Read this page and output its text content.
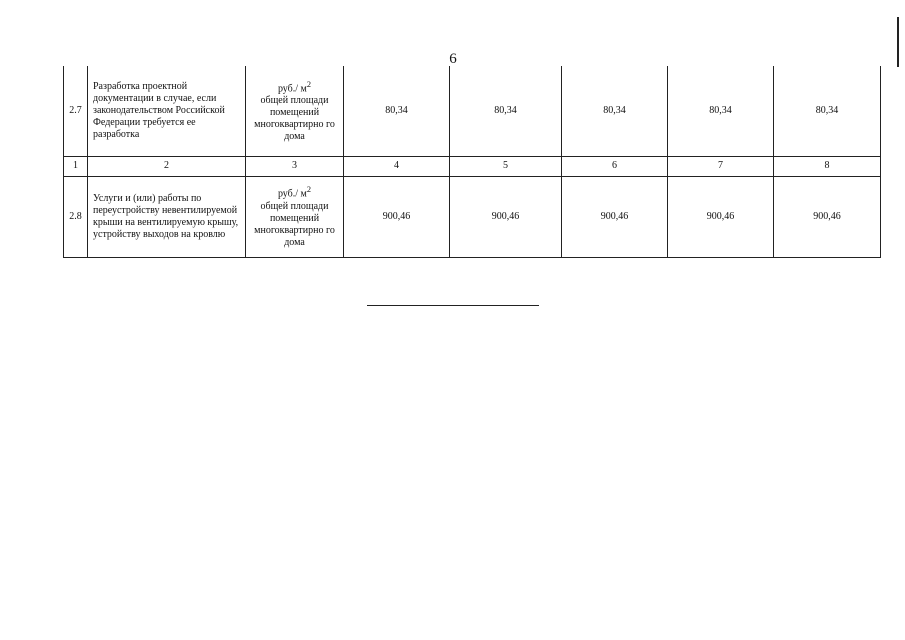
6
2.7	Разработка проектной документации в случае, если законодательством Российской Федерации требуется ее разработка	руб./ $м^2$
общей площади помещений многоквартирно го дома	80,34	80,34	80,34	80,34	80,34
1	2	3	4	5	6	7	8
2.8	Услуги и (или) работы по переустройству невентилируемой крыши на вентилируемую крышу, устройству выходов на кровлю	руб./ $м^2$
общей площади помещений многоквартирно го дома	900,46	900,46	900,46	900,46	900,46
